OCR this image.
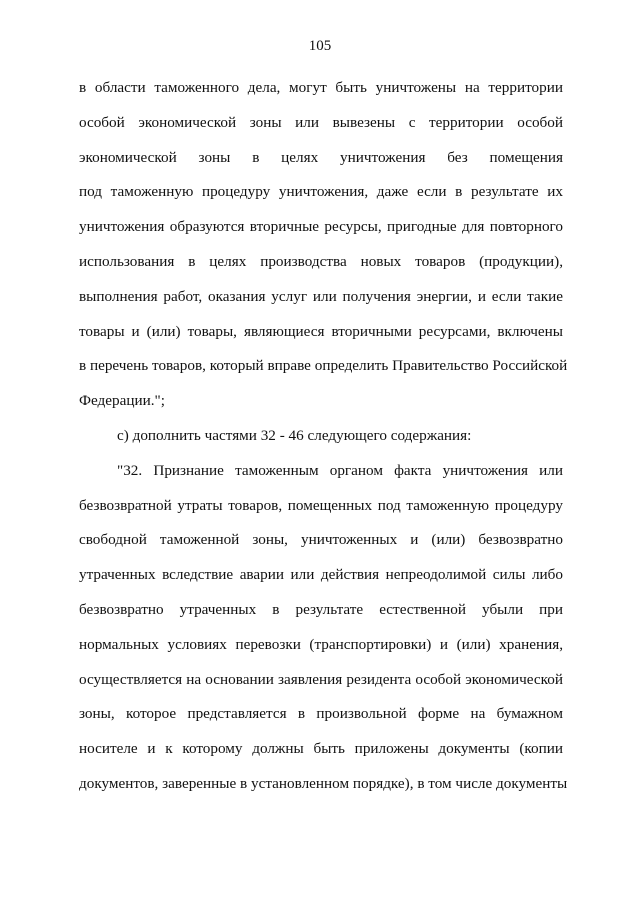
105
в области таможенного дела, могут быть уничтожены на территории
особой экономической зоны или вывезены с территории особой
экономической зоны в целях уничтожения без помещения
под таможенную процедуру уничтожения, даже если в результате их
уничтожения образуются вторичные ресурсы, пригодные для повторного
использования в целях производства новых товаров (продукции),
выполнения работ, оказания услуг или получения энергии, и если такие
товары и (или) товары, являющиеся вторичными ресурсами, включены
в перечень товаров, который вправе определить Правительство Российской
Федерации.";
с) дополнить частями 32 - 46 следующего содержания:
"32. Признание таможенным органом факта уничтожения или
безвозвратной утраты товаров, помещенных под таможенную процедуру
свободной таможенной зоны, уничтоженных и (или) безвозвратно
утраченных вследствие аварии или действия непреодолимой силы либо
безвозвратно утраченных в результате естественной убыли при
нормальных условиях перевозки (транспортировки) и (или) хранения,
осуществляется на основании заявления резидента особой экономической
зоны, которое представляется в произвольной форме на бумажном
носителе и к которому должны быть приложены документы (копии
документов, заверенные в установленном порядке), в том числе документы
